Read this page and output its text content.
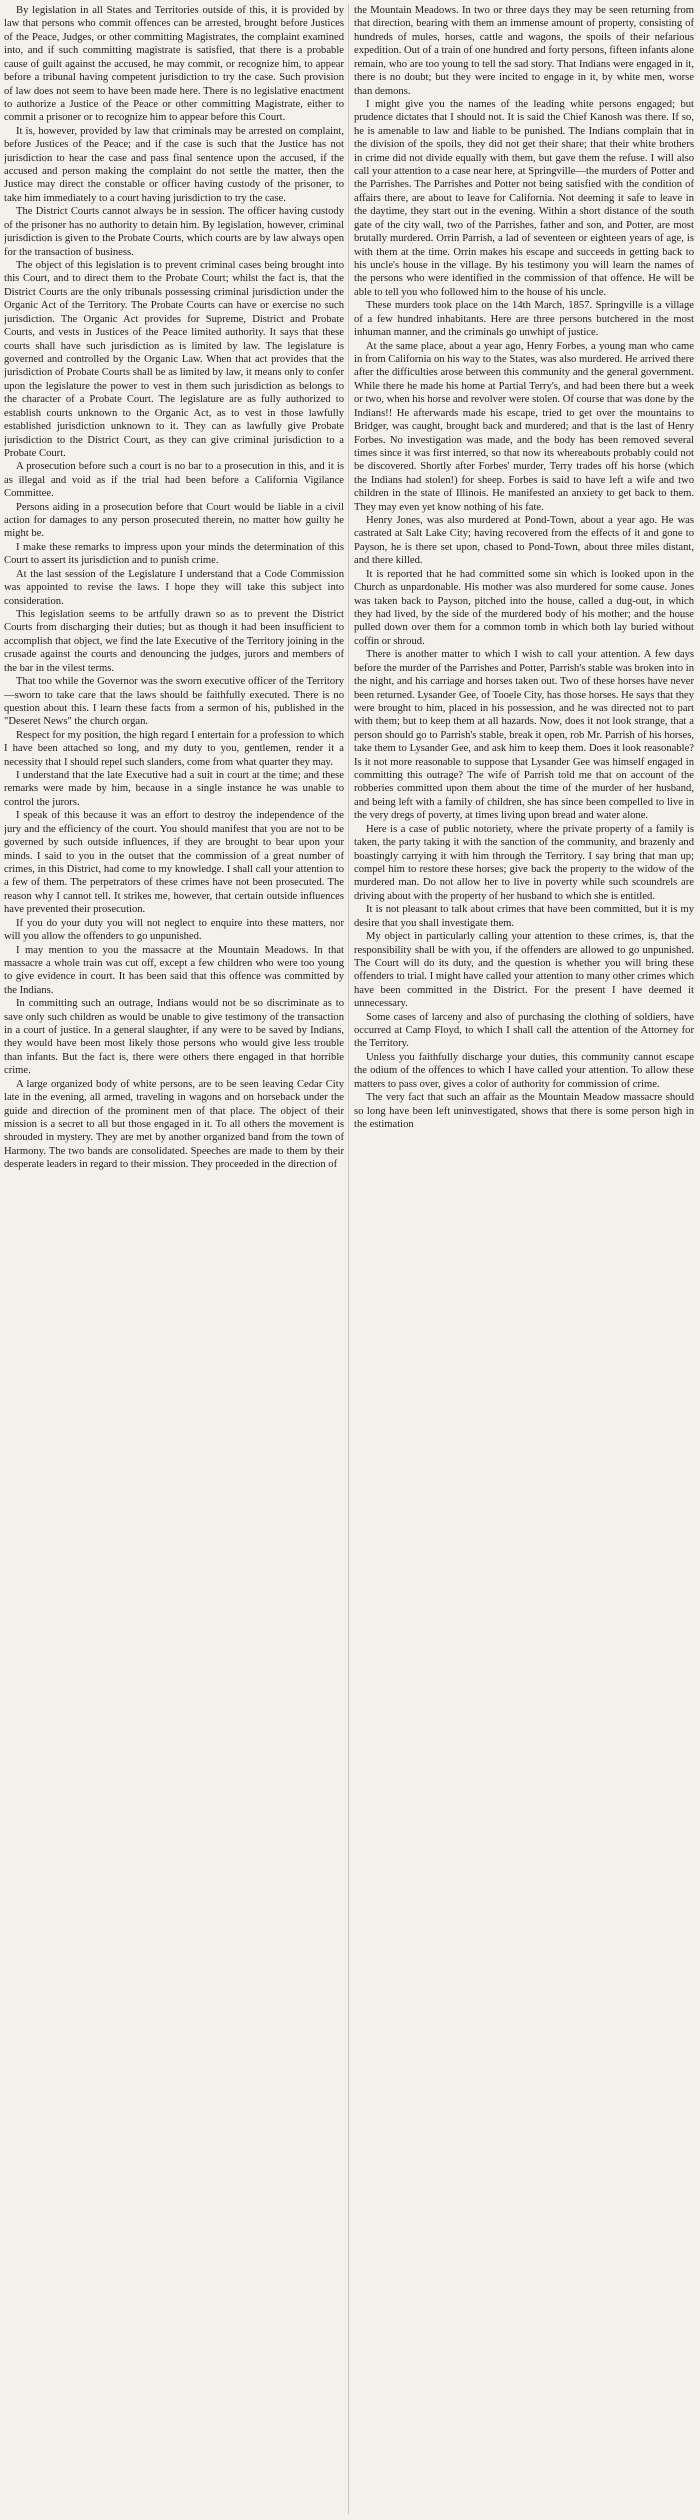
By legislation in all States and Territories outside of this, it is provided by law that persons who commit offences can be arrested, brought before Justices of the Peace, Judges, or other committing Magistrates, the complaint examined into, and if such committing magistrate is satisfied, that there is a probable cause of guilt against the accused, he may commit, or recognize him, to appear before a tribunal having competent jurisdiction to try the case. Such provision of law does not seem to have been made here. There is no legislative enactment to authorize a Justice of the Peace or other committing Magistrate, either to commit a prisoner or to recognize him to appear before this Court.

It is, however, provided by law that criminals may be arrested on complaint, before Justices of the Peace; and if the case is such that the Justice has not jurisdiction to hear the case and pass final sentence upon the accused, if the accused and person making the complaint do not settle the matter, then the Justice may direct the constable or officer having custody of the prisoner, to take him immediately to a court having jurisdiction to try the case.

The District Courts cannot always be in session. The officer having custody of the prisoner has no authority to detain him. By legislation, however, criminal jurisdiction is given to the Probate Courts, which courts are by law always open for the transaction of business.

The object of this legislation is to prevent criminal cases being brought into this Court, and to direct them to the Probate Court; whilst the fact is, that the District Courts are the only tribunals possessing criminal jurisdiction under the Organic Act of the Territory. The Probate Courts can have or exercise no such jurisdiction. The Organic Act provides for Supreme, District and Probate Courts, and vests in Justices of the Peace limited authority. It says that these courts shall have such jurisdiction as is limited by law. The legislature is governed and controlled by the Organic Law. When that act provides that the jurisdiction of Probate Courts shall be as limited by law, it means only to confer upon the legislature the power to vest in them such jurisdiction as belongs to the character of a Probate Court. The legislature are as fully authorized to establish courts unknown to the Organic Act, as to vest in those lawfully established jurisdiction unknown to it. They can as lawfully give Probate jurisdiction to the District Court, as they can give criminal jurisdiction to a Probate Court.

A prosecution before such a court is no bar to a prosecution in this, and it is as illegal and void as if the trial had been before a California Vigilance Committee.

Persons aiding in a prosecution before that Court would be liable in a civil action for damages to any person prosecuted therein, no matter how guilty he might be.

I make these remarks to impress upon your minds the determination of this Court to assert its jurisdiction and to punish crime.

At the last session of the Legislature I understand that a Code Commission was appointed to revise the laws. I hope they will take this subject into consideration.

This legislation seems to be artfully drawn so as to prevent the District Courts from discharging their duties; but as though it had been insufficient to accomplish that object, we find the late Executive of the Territory joining in the crusade against the courts and denouncing the judges, jurors and members of the bar in the vilest terms.

That too while the Governor was the sworn executive officer of the Territory—sworn to take care that the laws should be faithfully executed. There is no question about this. I learn these facts from a sermon of his, published in the "Deseret News" the church organ.

Respect for my position, the high regard I entertain for a profession to which I have been attached so long, and my duty to you, gentlemen, render it a necessity that I should repel such slanders, come from what quarter they may.

I understand that the late Executive had a suit in court at the time; and these remarks were made by him, because in a single instance he was unable to control the jurors.

I speak of this because it was an effort to destroy the independence of the jury and the efficiency of the court. You should manifest that you are not to be governed by such outside influences, if they are brought to bear upon your minds. I said to you in the outset that the commission of a great number of crimes, in this District, had come to my knowledge. I shall call your attention to a few of them. The perpetrators of these crimes have not been prosecuted. The reason why I cannot tell. It strikes me, however, that certain outside influences have prevented their prosecution.

If you do your duty you will not neglect to enquire into these matters, nor will you allow the offenders to go unpunished.

I may mention to you the massacre at the Mountain Meadows. In that massacre a whole train was cut off, except a few children who were too young to give evidence in court. It has been said that this offence was committed by the Indians.

In committing such an outrage, Indians would not be so discriminate as to save only such children as would be unable to give testimony of the transaction in a court of justice. In a general slaughter, if any were to be saved by Indians, they would have been most likely those persons who would give less trouble than infants. But the fact is, there were others there engaged in that horrible crime.

A large organized body of white persons, are to be seen leaving Cedar City late in the evening, all armed, traveling in wagons and on horseback under the guide and direction of the prominent men of that place. The object of their mission is a secret to all but those engaged in it. To all others the movement is shrouded in mystery. They are met by another organized band from the town of Harmony. The two bands are consolidated. Speeches are made to them by their desperate leaders in regard to their mission. They proceeded in the direction of

the Mountain Meadows. In two or three days they may be seen returning from that direction, bearing with them an immense amount of property, consisting of hundreds of mules, horses, cattle and wagons, the spoils of their nefarious expedition. Out of a train of one hundred and forty persons, fifteen infants alone remain, who are too young to tell the sad story. That Indians were engaged in it, there is no doubt; but they were incited to engage in it, by white men, worse than demons.

I might give you the names of the leading white persons engaged; but prudence dictates that I should not. It is said the Chief Kanosh was there. If so, he is amenable to law and liable to be punished. The Indians complain that in the division of the spoils, they did not get their share; that their white brothers in crime did not divide equally with them, but gave them the refuse. I will also call your attention to a case near here, at Springville—the murders of Potter and the Parrishes. The Parrishes and Potter not being satisfied with the condition of affairs there, are about to leave for California. Not deeming it safe to leave in the daytime, they start out in the evening. Within a short distance of the south gate of the city wall, two of the Parrishes, father and son, and Potter, are most brutally murdered. Orrin Parrish, a lad of seventeen or eighteen years of age, is with them at the time. Orrin makes his escape and succeeds in getting back to his uncle's house in the village. By his testimony you will learn the names of the persons who were identified in the commission of that offence. He will be able to tell you who followed him to the house of his uncle.

These murders took place on the 14th March, 1857. Springville is a village of a few hundred inhabitants. Here are three persons butchered in the most inhuman manner, and the criminals go unwhipt of justice.

At the same place, about a year ago, Henry Forbes, a young man who came in from California on his way to the States, was also murdered. He arrived there after the difficulties arose between this community and the general government. While there he made his home at Partial Terry's, and had been there but a week or two, when his horse and revolver were stolen. Of course that was done by the Indians!! He afterwards made his escape, tried to get over the mountains to Bridger, was caught, brought back and murdered; and that is the last of Henry Forbes. No investigation was made, and the body has been removed several times since it was first interred, so that now its whereabouts probably could not be discovered. Shortly after Forbes' murder, Terry trades off his horse (which the Indians had stolen!) for sheep. Forbes is said to have left a wife and two children in the state of Illinois. He manifested an anxiety to get back to them. They may even yet know nothing of his fate.

Henry Jones, was also murdered at Pond-Town, about a year ago. He was castrated at Salt Lake City; having recovered from the effects of it and gone to Payson, he is there set upon, chased to Pond-Town, about three miles distant, and there killed.

It is reported that he had committed some sin which is looked upon in the Church as unpardonable. His mother was also murdered for some cause. Jones was taken back to Payson, pitched into the house, called a dug-out, in which they had lived, by the side of the murdered body of his mother; and the house pulled down over them for a common tomb in which both lay buried without coffin or shroud.

There is another matter to which I wish to call your attention. A few days before the murder of the Parrishes and Potter, Parrish's stable was broken into in the night, and his carriage and horses taken out. Two of these horses have never been returned. Lysander Gee, of Tooele City, has those horses. He says that they were brought to him, placed in his possession, and he was directed not to part with them; but to keep them at all hazards. Now, does it not look strange, that a person should go to Parrish's stable, break it open, rob Mr. Parrish of his horses, take them to Lysander Gee, and ask him to keep them. Does it look reasonable? Is it not more reasonable to suppose that Lysander Gee was himself engaged in committing this outrage? The wife of Parrish told me that on account of the robberies committed upon them about the time of the murder of her husband, and being left with a family of children, she has since been compelled to live in the very dregs of poverty, at times living upon bread and water alone.

Here is a case of public notoriety, where the private property of a family is taken, the party taking it with the sanction of the community, and brazenly and boastingly carrying it with him through the Territory. I say bring that man up; compel him to restore these horses; give back the property to the widow of the murdered man. Do not allow her to live in poverty while such scoundrels are driving about with the property of her husband to which she is entitled.

It is not pleasant to talk about crimes that have been committed, but it is my desire that you shall investigate them.

My object in particularly calling your attention to these crimes, is, that the responsibility shall be with you, if the offenders are allowed to go unpunished. The Court will do its duty, and the question is whether you will bring these offenders to trial. I might have called your attention to many other crimes which have been committed in the District. For the present I have deemed it unnecessary.

Some cases of larceny and also of purchasing the clothing of soldiers, have occurred at Camp Floyd, to which I shall call the attention of the Attorney for the Territory.

Unless you faithfully discharge your duties, this community cannot escape the odium of the offences to which I have called your attention. To allow these matters to pass over, gives a color of authority for commission of crime.

The very fact that such an affair as the Mountain Meadow massacre should so long have been left uninvestigated, shows that there is some person high in the estimation
